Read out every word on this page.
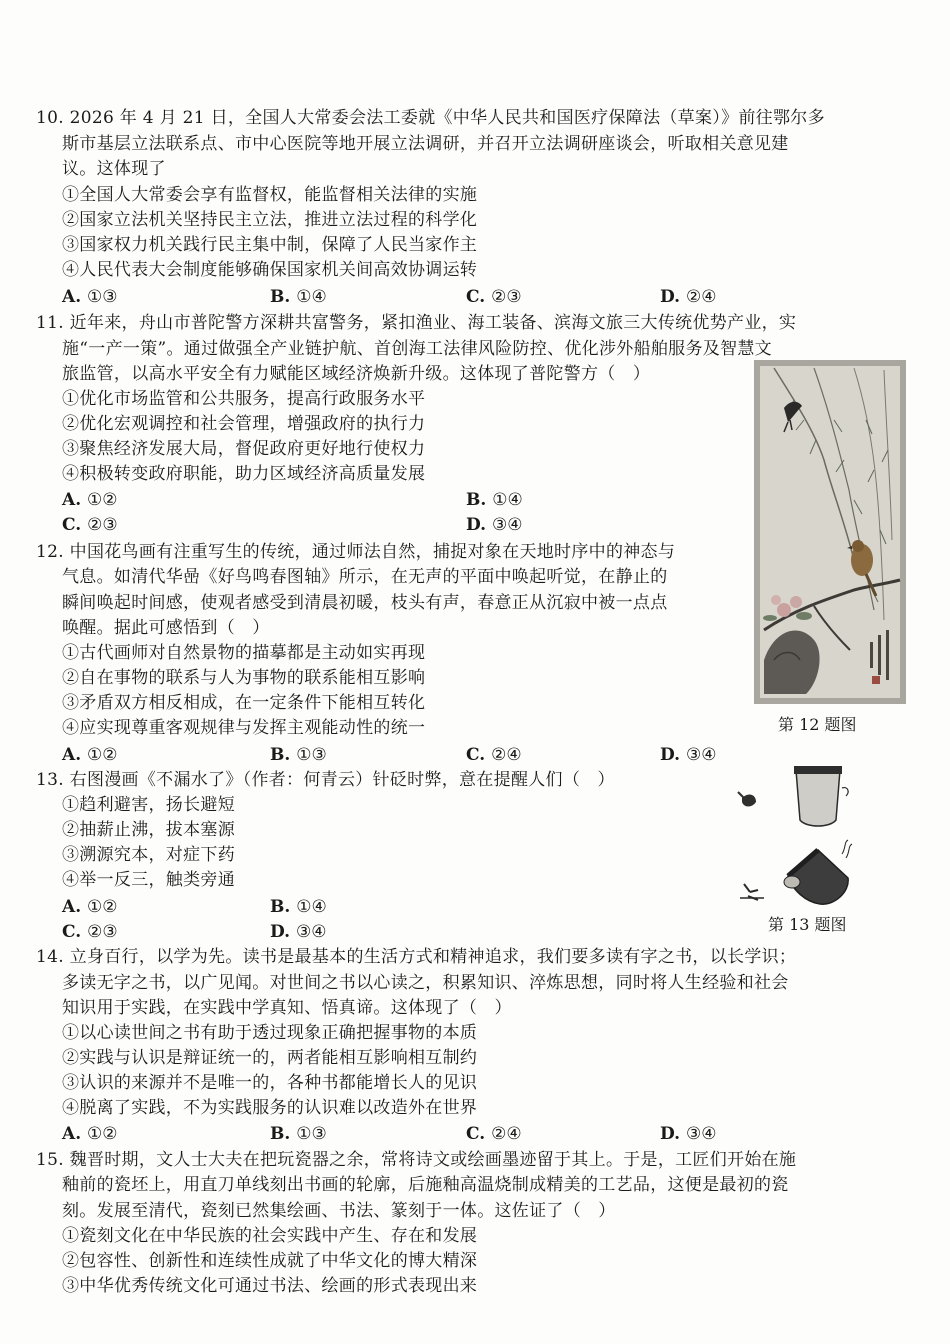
10. 2026 年 4 月 21 日，全国人大常委会法工委就《中华人民共和国医疗保障法（草案）》前往鄂尔多
斯市基层立法联系点、市中心医院等地开展立法调研，并召开立法调研座谈会，听取相关意见建
议。这体现了
①全国人大常委会享有监督权，能监督相关法律的实施
②国家立法机关坚持民主立法，推进立法过程的科学化
③国家权力机关践行民主集中制，保障了人民当家作主
④人民代表大会制度能够确保国家机关间高效协调运转
A. ①③	B. ①④	C. ②③	D. ②④
11. 近年来，舟山市普陀警方深耕共富警务，紧扣渔业、海工装备、滨海文旅三大传统优势产业，实
施“一产一策”。通过做强全产业链护航、首创海工法律风险防控、优化涉外船舶服务及智慧文
旅监管，以高水平安全有力赋能区域经济焕新升级。这体现了普陀警方（　）
①优化市场监管和公共服务，提高行政服务水平
②优化宏观调控和社会管理，增强政府的执行力
③聚焦经济发展大局，督促政府更好地行使权力
④积极转变政府职能，助力区域经济高质量发展
A. ①②	B. ①④
C. ②③	D. ③④
第 12 题图
12. 中国花鸟画有注重写生的传统，通过师法自然，捕捉对象在天地时序中的神态与
气息。如清代华喦《好鸟鸣春图轴》所示，在无声的平面中唤起听觉，在静止的
瞬间唤起时间感，使观者感受到清晨初暖，枝头有声，春意正从沉寂中被一点点
唤醒。据此可感悟到（　）
①古代画师对自然景物的描摹都是主动如实再现
②自在事物的联系与人为事物的联系能相互影响
③矛盾双方相反相成，在一定条件下能相互转化
④应实现尊重客观规律与发挥主观能动性的统一
A. ①②	B. ①③	C. ②④	D. ③④
第 13 题图
13. 右图漫画《不漏水了》（作者：何青云）针砭时弊，意在提醒人们（　）
①趋利避害，扬长避短
②抽薪止沸，拔本塞源
③溯源究本，对症下药
④举一反三，触类旁通
A. ①②	B. ①④
C. ②③	D. ③④
14. 立身百行，以学为先。读书是最基本的生活方式和精神追求，我们要多读有字之书，以长学识；
多读无字之书，以广见闻。对世间之书以心读之，积累知识、淬炼思想，同时将人生经验和社会
知识用于实践，在实践中学真知、悟真谛。这体现了（　）
①以心读世间之书有助于透过现象正确把握事物的本质
②实践与认识是辩证统一的，两者能相互影响相互制约
③认识的来源并不是唯一的，各种书都能增长人的见识
④脱离了实践，不为实践服务的认识难以改造外在世界
A. ①②	B. ①③	C. ②④	D. ③④
15. 魏晋时期，文人士大夫在把玩瓷器之余，常将诗文或绘画墨迹留于其上。于是，工匠们开始在施
釉前的瓷坯上，用直刀单线刻出书画的轮廓，后施釉高温烧制成精美的工艺品，这便是最初的瓷
刻。发展至清代，瓷刻已然集绘画、书法、篆刻于一体。这佐证了（　）
①瓷刻文化在中华民族的社会实践中产生、存在和发展
②包容性、创新性和连续性成就了中华文化的博大精深
③中华优秀传统文化可通过书法、绘画的形式表现出来
